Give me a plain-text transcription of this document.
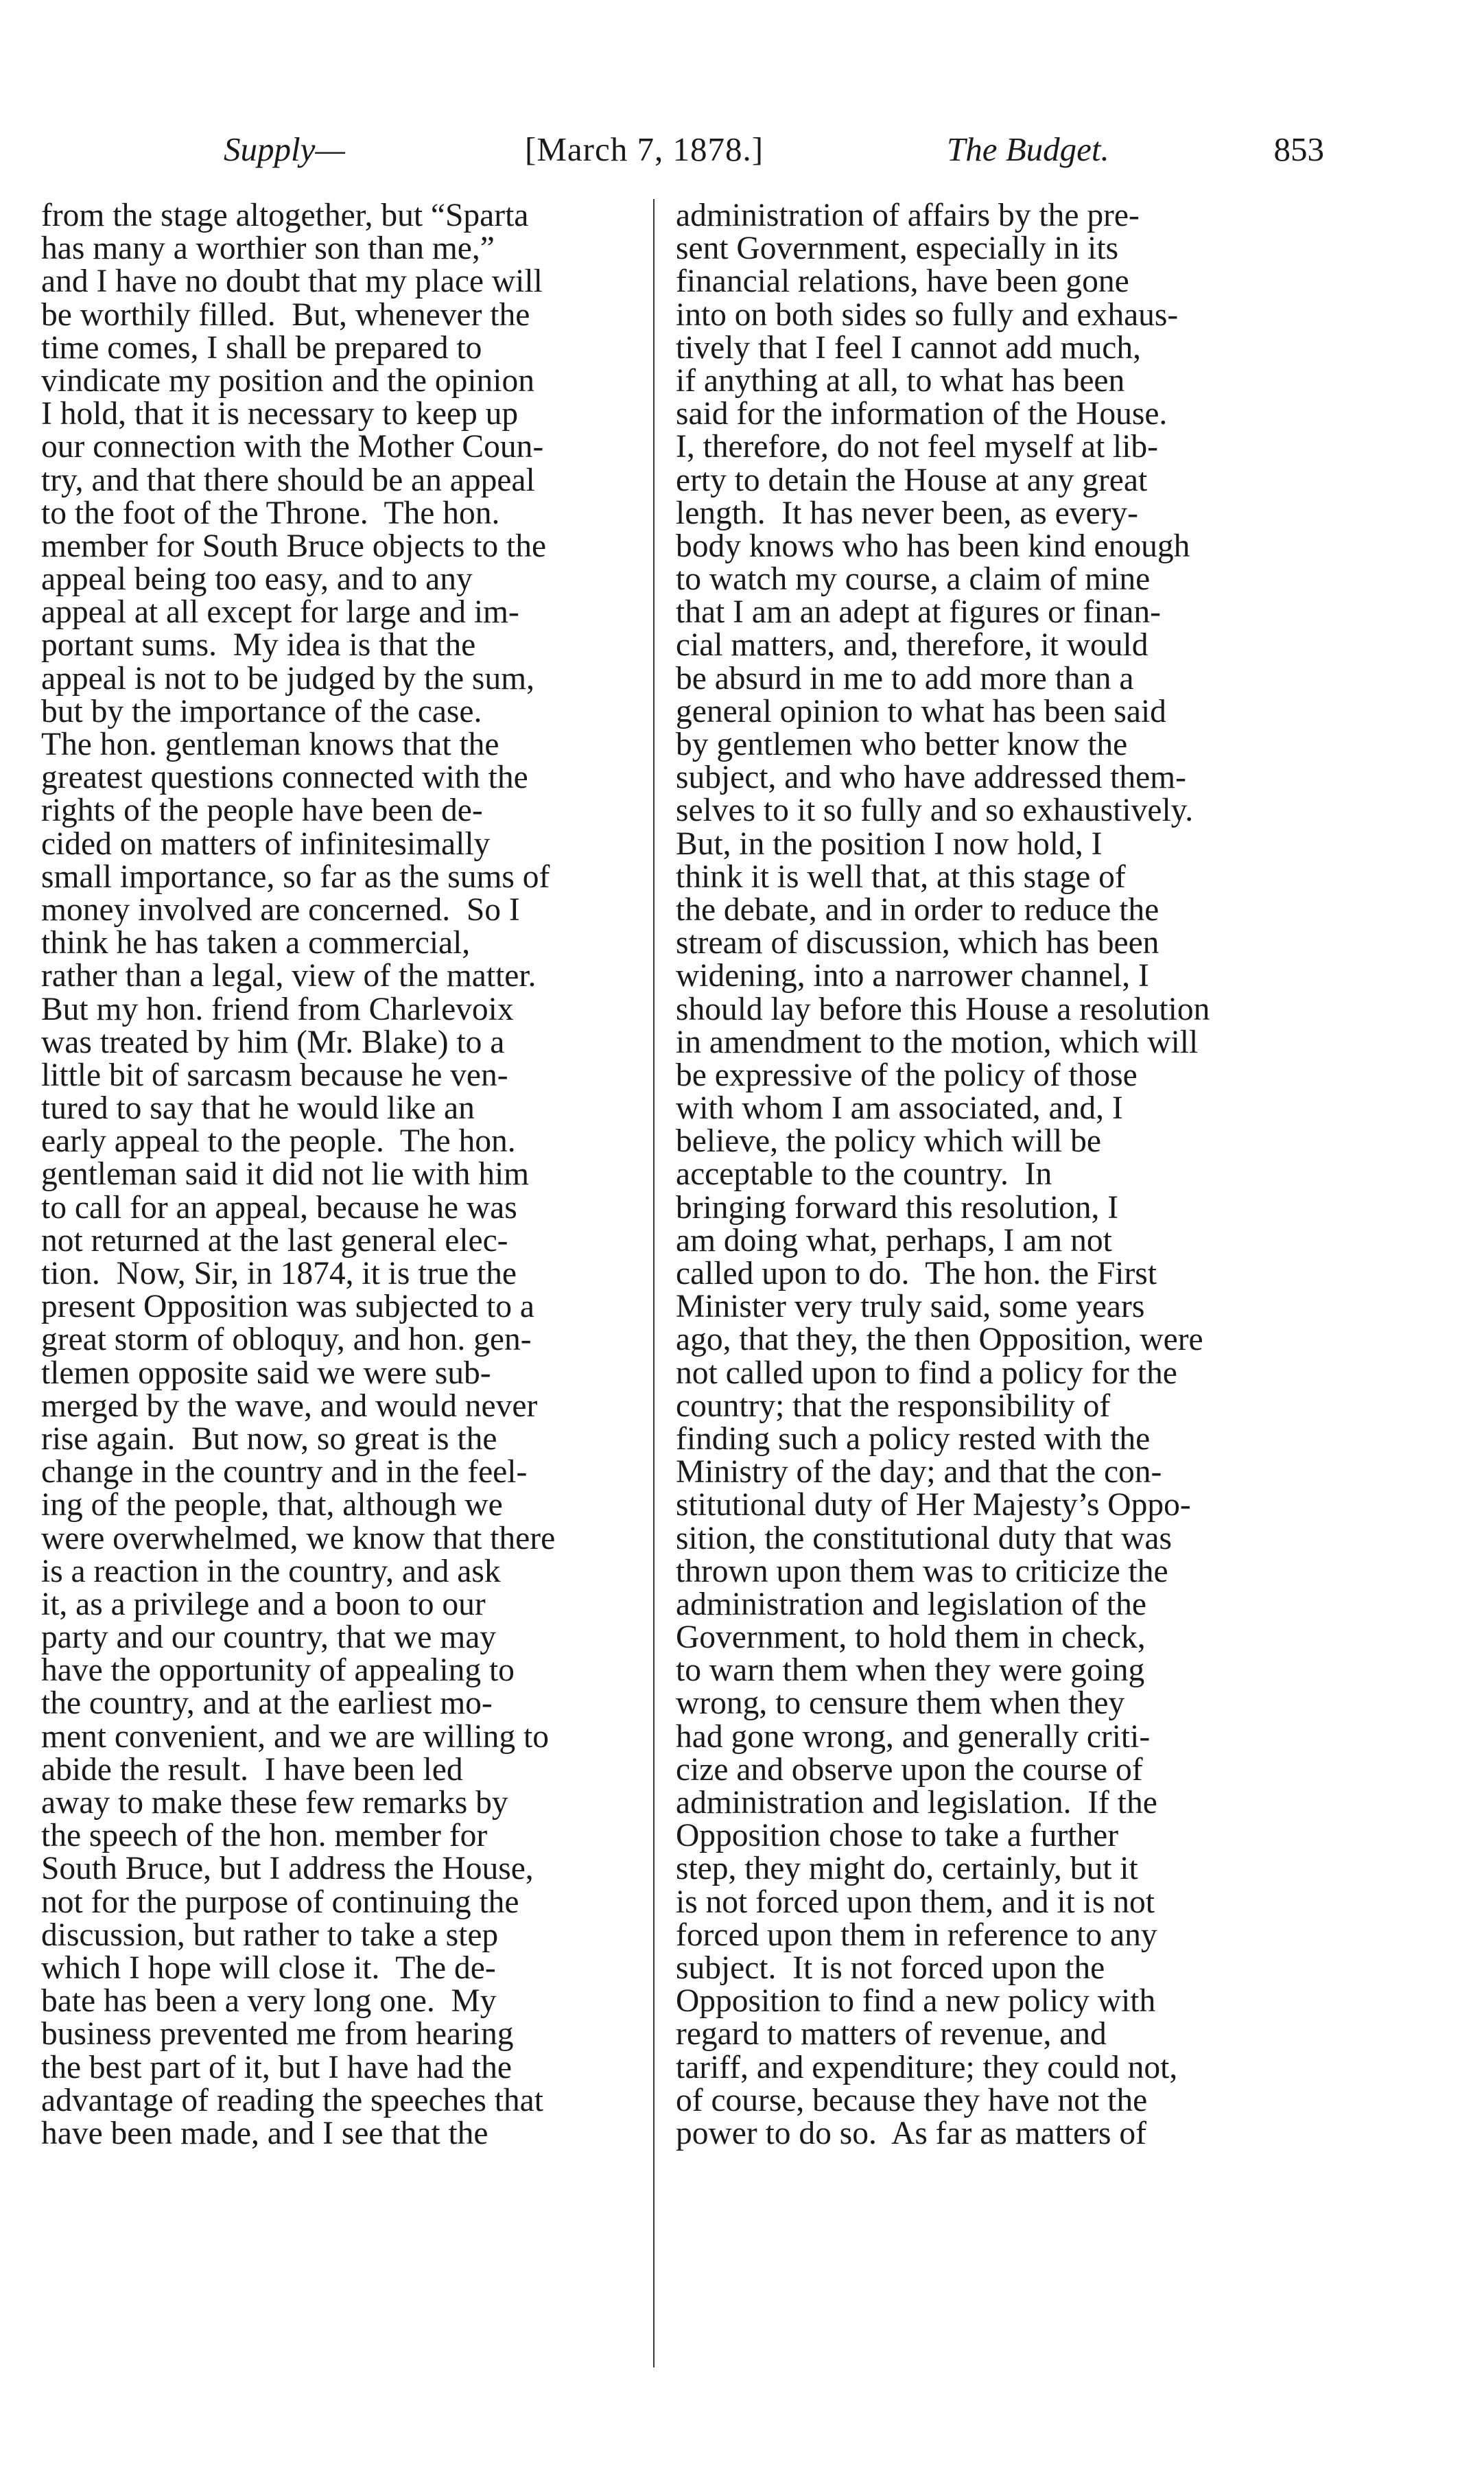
Supply—	[March 7, 1878.]	The Budget.	853
from the stage altogether, but “Sparta
has many a worthier son than me,”
and I have no doubt that my place will
be worthily filled.  But, whenever the
time comes, I shall be prepared to
vindicate my position and the opinion
I hold, that it is necessary to keep up
our connection with the Mother Coun-
try, and that there should be an appeal
to the foot of the Throne.  The hon.
member for South Bruce objects to the
appeal being too easy, and to any
appeal at all except for large and im-
portant sums.  My idea is that the
appeal is not to be judged by the sum,
but by the importance of the case.
The hon. gentleman knows that the
greatest questions connected with the
rights of the people have been de-
cided on matters of infinitesimally
small importance, so far as the sums of
money involved are concerned.  So I
think he has taken a commercial,
rather than a legal, view of the matter.
But my hon. friend from Charlevoix
was treated by him (Mr. Blake) to a
little bit of sarcasm because he ven-
tured to say that he would like an
early appeal to the people.  The hon.
gentleman said it did not lie with him
to call for an appeal, because he was
not returned at the last general elec-
tion.  Now, Sir, in 1874, it is true the
present Opposition was subjected to a
great storm of obloquy, and hon. gen-
tlemen opposite said we were sub-
merged by the wave, and would never
rise again.  But now, so great is the
change in the country and in the feel-
ing of the people, that, although we
were overwhelmed, we know that there
is a reaction in the country, and ask
it, as a privilege and a boon to our
party and our country, that we may
have the opportunity of appealing to
the country, and at the earliest mo-
ment convenient, and we are willing to
abide the result.  I have been led
away to make these few remarks by
the speech of the hon. member for
South Bruce, but I address the House,
not for the purpose of continuing the
discussion, but rather to take a step
which I hope will close it.  The de-
bate has been a very long one.  My
business prevented me from hearing
the best part of it, but I have had the
advantage of reading the speeches that
have been made, and I see that the
administration of affairs by the pre-
sent Government, especially in its
financial relations, have been gone
into on both sides so fully and exhaus-
tively that I feel I cannot add much,
if anything at all, to what has been
said for the information of the House.
I, therefore, do not feel myself at lib-
erty to detain the House at any great
length.  It has never been, as every-
body knows who has been kind enough
to watch my course, a claim of mine
that I am an adept at figures or finan-
cial matters, and, therefore, it would
be absurd in me to add more than a
general opinion to what has been said
by gentlemen who better know the
subject, and who have addressed them-
selves to it so fully and so exhaustively.
But, in the position I now hold, I
think it is well that, at this stage of
the debate, and in order to reduce the
stream of discussion, which has been
widening, into a narrower channel, I
should lay before this House a resolution
in amendment to the motion, which will
be expressive of the policy of those
with whom I am associated, and, I
believe, the policy which will be
acceptable to the country.  In
bringing forward this resolution, I
am doing what, perhaps, I am not
called upon to do.  The hon. the First
Minister very truly said, some years
ago, that they, the then Opposition, were
not called upon to find a policy for the
country; that the responsibility of
finding such a policy rested with the
Ministry of the day; and that the con-
stitutional duty of Her Majesty’s Oppo-
sition, the constitutional duty that was
thrown upon them was to criticize the
administration and legislation of the
Government, to hold them in check,
to warn them when they were going
wrong, to censure them when they
had gone wrong, and generally criti-
cize and observe upon the course of
administration and legislation.  If the
Opposition chose to take a further
step, they might do, certainly, but it
is not forced upon them, and it is not
forced upon them in reference to any
subject.  It is not forced upon the
Opposition to find a new policy with
regard to matters of revenue, and
tariff, and expenditure; they could not,
of course, because they have not the
power to do so.  As far as matters of
